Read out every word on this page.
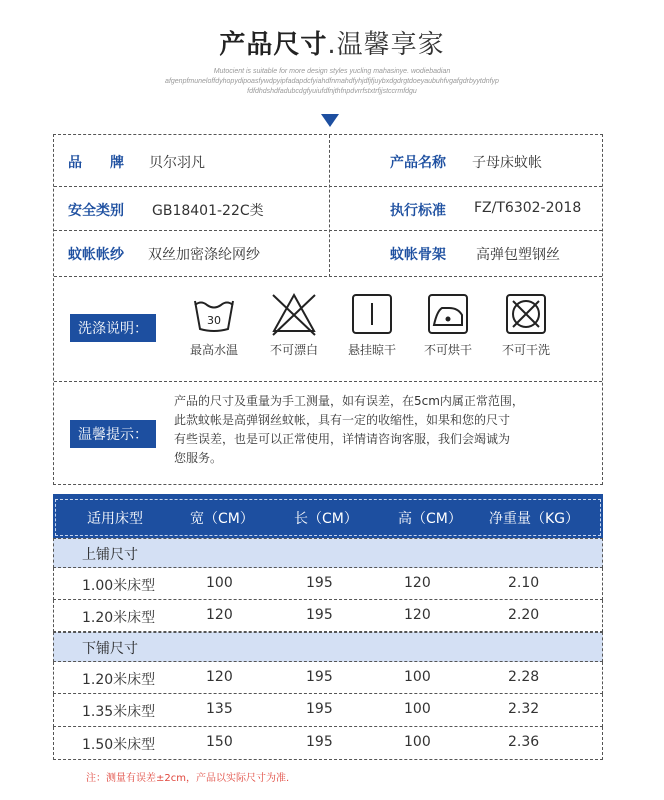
产品尺寸.温馨享家
Mutocient is suitable for more design styles yucling mahasinye. wodiebadian
afgenpfmuneloffdyhopydipoasfywdpyipfadapdcfyiahdfnmahdfyhjdfjfjuybxdgdrgtdoeyaubuhfvgafgdrbyytdnfyp
fdfdhdshdfadubcdgfyuiufdfnjthfnpdvrrfstxtrfjjstccrmfdgu
品　　牌 贝尔羽凡	产品名称 子母床蚊帐
安全类别 GB18401-22C类	执行标准 FZ/T6302-2018
蚊帐帐纱 双丝加密涤纶网纱	蚊帐骨架 高弹包塑钢丝
洗涤说明：
30
最高水温	不可漂白	悬挂晾干	不可烘干	不可干洗
温馨提示：
产品的尺寸及重量为手工测量，如有误差，在5cm内属正常范围，
此款蚊帐是高弹钢丝蚊帐，具有一定的收缩性，如果和您的尺寸
有些误差，也是可以正常使用，详情请咨询客服，我们会竭诚为
您服务。
适用床型	宽（CM）	长（CM）	高（CM） 净重量（KG）
上铺尺寸
1.00米床型	100	195	120	2.10
1.20米床型	120	195	120	2.20
下铺尺寸
1.20米床型	120	195	100	2.28
1.35米床型	135	195	100	2.32
1.50米床型	150	195	100	2.36
注：测量有误差±2cm，产品以实际尺寸为准.
